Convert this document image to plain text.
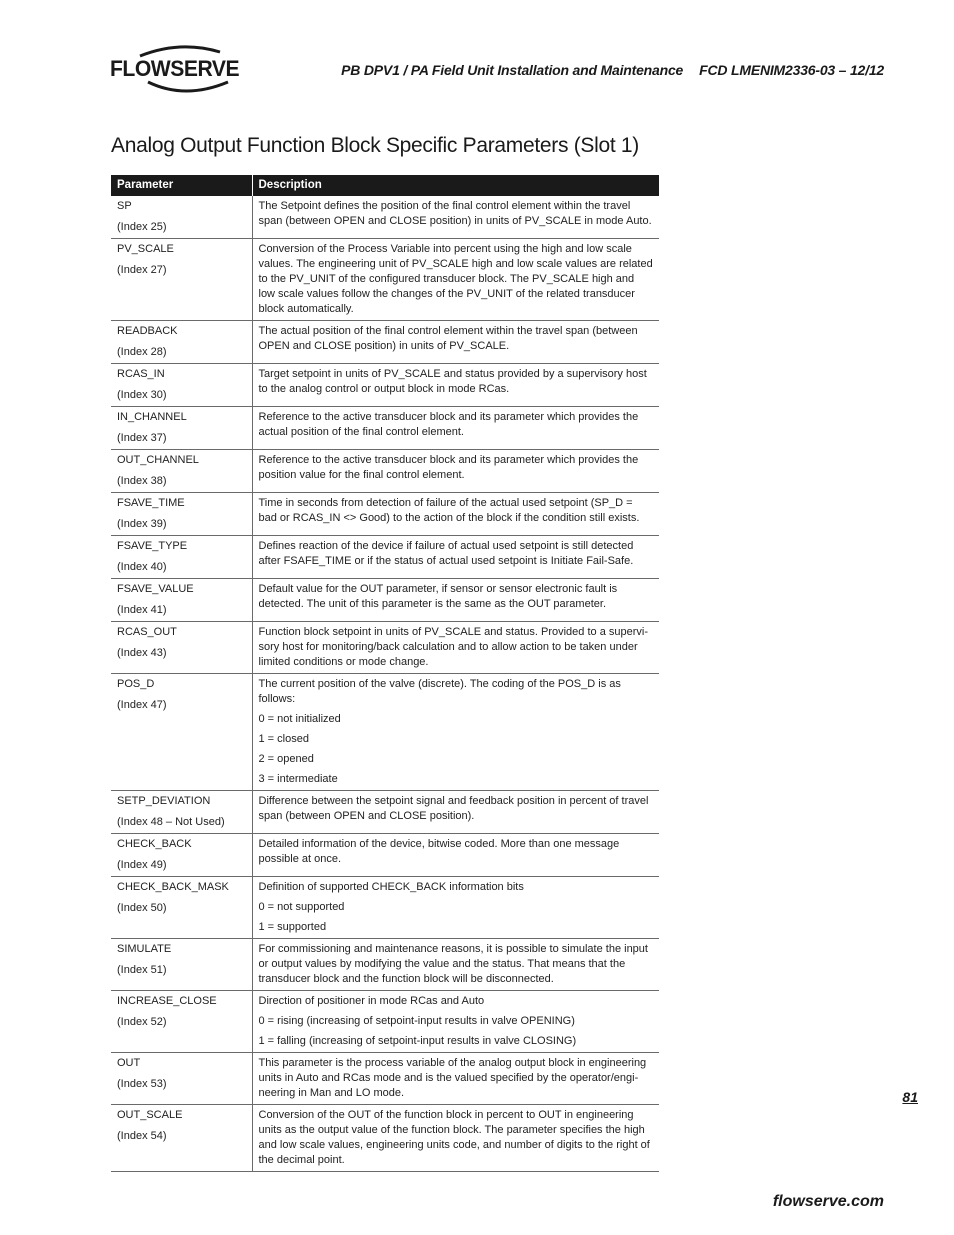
FLOWSERVE	PB DPV1 / PA Field Unit Installation and Maintenance FCD LMENIM2336-03 – 12/12
Analog Output Function Block Specific Parameters (Slot 1)
Parameter	Description

SP
(Index 25)	The Setpoint defines the position of the final control element within the travel span (between OPEN and CLOSE position) in units of PV_SCALE in mode Auto.

PV_SCALE
(Index 27)	Conversion of the Process Variable into percent using the high and low scale values. The engineering unit of PV_SCALE high and low scale values are related to the PV_UNIT of the configured transducer block. The PV_SCALE high and low scale values follow the changes of the PV_UNIT of the related transducer block automatically.

READBACK
(Index 28)	The actual position of the final control element within the travel span (between OPEN and CLOSE position) in units of PV_SCALE.

RCAS_IN
(Index 30)	Target setpoint in units of PV_SCALE and status provided by a supervisory host to the analog control or output block in mode RCas.

IN_CHANNEL
(Index 37)	Reference to the active transducer block and its parameter which provides the actual position of the final control element.

OUT_CHANNEL
(Index 38)	Reference to the active transducer block and its parameter which provides the position value for the final control element.

FSAVE_TIME
(Index 39)	Time in seconds from detection of failure of the actual used setpoint (SP_D = bad or RCAS_IN <> Good) to the action of the block if the condition still exists.

FSAVE_TYPE
(Index 40)	Defines reaction of the device if failure of actual used setpoint is still detected after FSAFE_TIME or if the status of actual used setpoint is Initiate Fail-Safe.

FSAVE_VALUE
(Index 41)	Default value for the OUT parameter, if sensor or sensor electronic fault is detected. The unit of this parameter is the same as the OUT parameter.

RCAS_OUT
(Index 43)	Function block setpoint in units of PV_SCALE and status. Provided to a supervi-sory host for monitoring/back calculation and to allow action to be taken under limited conditions or mode change.

POS_D
(Index 47)	The current position of the valve (discrete). The coding of the POS_D is as follows:
0 = not initialized
1 = closed
2 = opened
3 = intermediate

SETP_DEVIATION
(Index 48 – Not Used)	Difference between the setpoint signal and feedback position in percent of travel span (between OPEN and CLOSE position).

CHECK_BACK
(Index 49)	Detailed information of the device, bitwise coded. More than one message possible at once.

CHECK_BACK_MASK
(Index 50)	Definition of supported CHECK_BACK information bits
0 = not supported
1 = supported

SIMULATE
(Index 51)	For commissioning and maintenance reasons, it is possible to simulate the input or output values by modifying the value and the status. That means that the transducer block and the function block will be disconnected.

INCREASE_CLOSE
(Index 52)	Direction of positioner in mode RCas and Auto
0 = rising (increasing of setpoint-input results in valve OPENING)
1 = falling (increasing of setpoint-input results in valve CLOSING)

OUT
(Index 53)	This parameter is the process variable of the analog output block in engineering units in Auto and RCas mode and is the valued specified by the operator/engi-neering in Man and LO mode.

OUT_SCALE
(Index 54)	Conversion of the OUT of the function block in percent to OUT in engineering units as the output value of the function block. The parameter specifies the high and low scale values, engineering units code, and number of digits to the right of the decimal point.
81
flowserve.com
